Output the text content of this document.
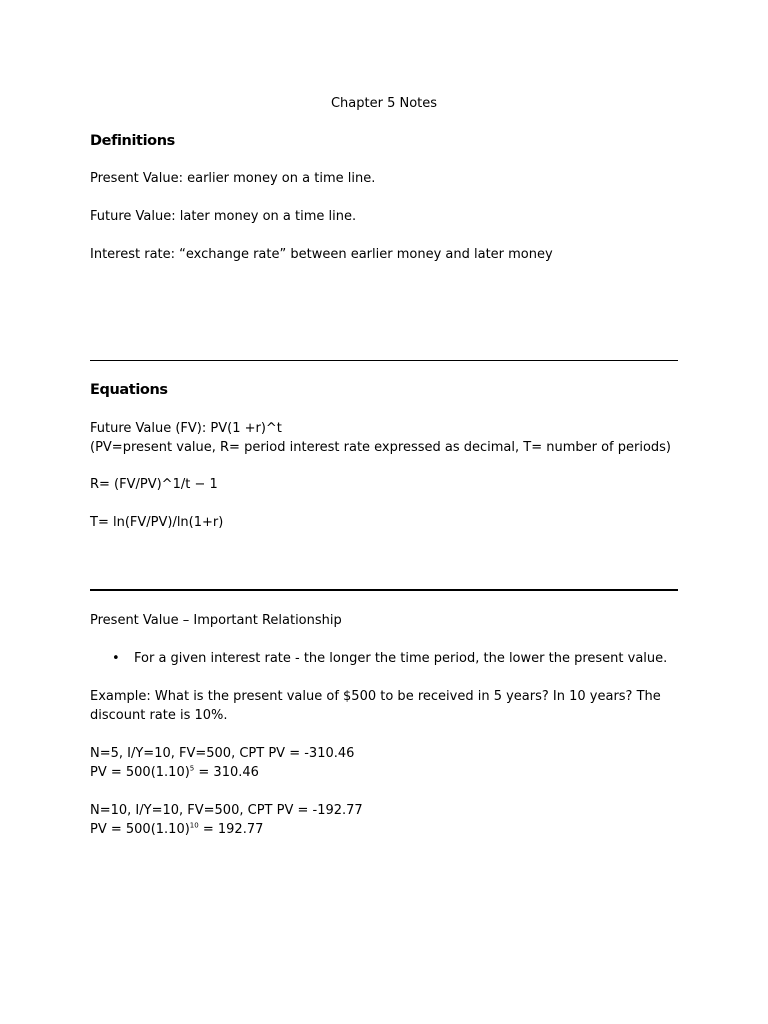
Chapter 5 Notes
Definitions
Present Value: earlier money on a time line.
Future Value: later money on a time line.
Interest rate: “exchange rate” between earlier money and later money
Equations
Future Value (FV): PV(1 +r)^t
(PV=present value, R= period interest rate expressed as decimal, T= number of periods)
R= (FV/PV)^1/t − 1
T= ln(FV/PV)/ln(1+r)
Present Value – Important Relationship
• For a given interest rate - the longer the time period, the lower the present value.
Example: What is the present value of $500 to be received in 5 years? In 10 years? The discount rate is 10%.
N=5, I/Y=10, FV=500, CPT PV = -310.46
PV = $500(1.10)^5 = 310.46$
N=10, I/Y=10, FV=500, CPT PV = -192.77
PV = $500(1.10)^{10} = 192.77$
